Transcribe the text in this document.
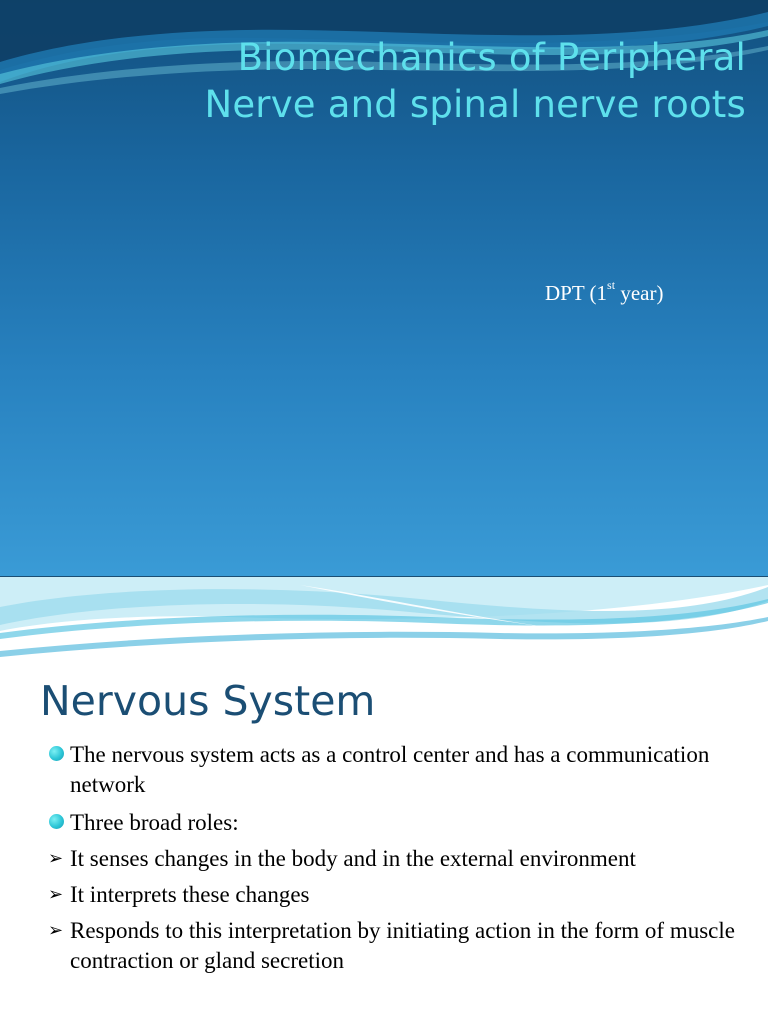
Biomechanics of Peripheral
Nerve and spinal nerve roots
DPT (1st year)
Nervous System
The nervous system acts as a control center and has a communication network
Three broad roles:
➢ It senses changes in the body and in the external environment
➢ It interprets these changes
➢ Responds to this interpretation by initiating action in the form of muscle contraction or gland secretion
